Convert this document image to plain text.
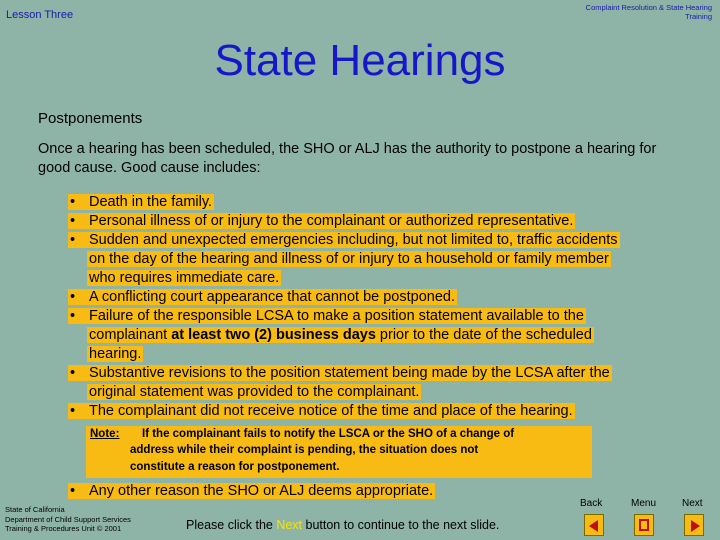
Lesson Three
Complaint Resolution & State Hearing Training
State Hearings
Postponements
Once a hearing has been scheduled, the SHO or ALJ has the authority to postpone a hearing for good cause. Good cause includes:
• Death in the family.
• Personal illness of or injury to the complainant or authorized representative.
• Sudden and unexpected emergencies including, but not limited to, traffic accidents
on the day of the hearing and illness of or injury to a household or family member
who requires immediate care.
• A conflicting court appearance that cannot be postponed.
• Failure of the responsible LCSA to make a position statement available to the
complainant at least two (2) business days prior to the date of the scheduled
hearing.
• Substantive revisions to the position statement being made by the LCSA after the
original statement was provided to the complainant.
• The complainant did not receive notice of the time and place of the hearing.
Note: If the complainant fails to notify the LSCA or the SHO of a change of
address while their complaint is pending, the situation does not
constitute a reason for postponement.
• Any other reason the SHO or ALJ deems appropriate.
State of California
Department of Child Support Services
Training & Procedures Unit © 2001	Please click the Next button to continue to the next slide.
Back	Menu	Next
